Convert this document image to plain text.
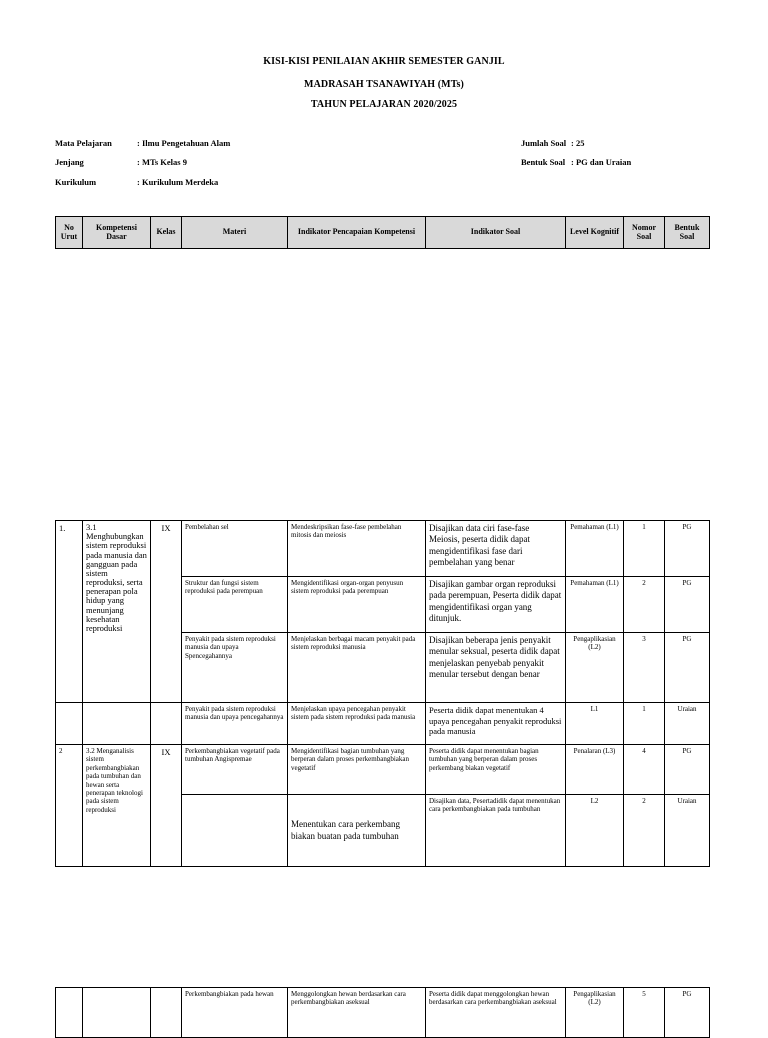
KISI-KISI PENILAIAN AKHIR SEMESTER GANJIL
MADRASAH TSANAWIYAH (MTs)
TAHUN PELAJARAN 2020/2025
Mata Pelajaran	: Ilmu Pengetahuan Alam
Jenjang	: MTs Kelas 9
Kurikulum	: Kurikulum Merdeka
Jumlah Soal : 25
Bentuk Soal : PG dan Uraian
No Urut	Kompetensi Dasar	Kelas	Materi	Indikator Pencapaian Kompetensi	Indikator Soal	Level Kognitif	Nomor Soal	Bentuk Soal
1.	3.1 Menghubungkan sistem reproduksi pada manusia dan gangguan pada sistem reproduksi, serta penerapan pola hidup yang menunjang kesehatan reproduksi	IX	Pembelahan sel	Mendeskripsikan fase-fase pembelahan mitosis dan meiosis	Disajikan data ciri fase-fase Meiosis, peserta didik dapat mengidentifikasi fase dari pembelahan yang benar	Pemahaman (L1)	1	PG
			Struktur dan fungsi sistem reproduksi pada perempuan	Mengidentifikasi organ-organ penyusun sistem reproduksi pada perempuan	Disajikan gambar organ reproduksi pada perempuan, Peserta didik dapat mengidentifikasi organ yang ditunjuk.	Pemahaman (L1)	2	PG
			Penyakit pada sistem reproduksi manusia dan upaya Spencegahannya	Menjelaskan berbagai macam penyakit pada sistem reproduksi manusia	Disajikan beberapa jenis penyakit menular seksual, peserta didik dapat menjelaskan penyebab penyakit menular tersebut dengan benar	Pengaplikasian (L2)	3	PG
			Penyakit pada sistem reproduksi manusia dan upaya pencegahannya	Menjelaskan upaya pencegahan penyakit sistem pada sistem reproduksi pada manusia	Peserta didik dapat menentukan 4 upaya pencegahan penyakit reproduksi pada manusia	L1	1	Uraian
2	3.2 Menganalisis sistem perkembangbiakan pada tumbuhan dan hewan serta penerapan teknologi pada sistem reproduksi	IX	Perkembangbiakan vegetatif pada tumbuhan Angispremae	Mengidentifikasi bagian tumbuhan yang berperan dalam proses perkembangbiakan vegetatif	Peserta didik dapat menentukan bagian tumbuhan yang berperan dalam proses perkembang biakan vegetatif	Penalaran (L3)	4	PG
				Menentukan cara perkembang biakan buatan pada tumbuhan	Disajikan data, Pesertadidik dapat menentukan cara perkembangbiakan pada tumbuhan	L2	2	Uraian
			Perkembangbiakan pada hewan	Menggolongkan hewan berdasarkan cara perkembangbiakan aseksual	Peserta didik dapat menggolongkan hewan berdasarkan cara perkembangbiakan aseksual	Pengaplikasian (L2)	5	PG
